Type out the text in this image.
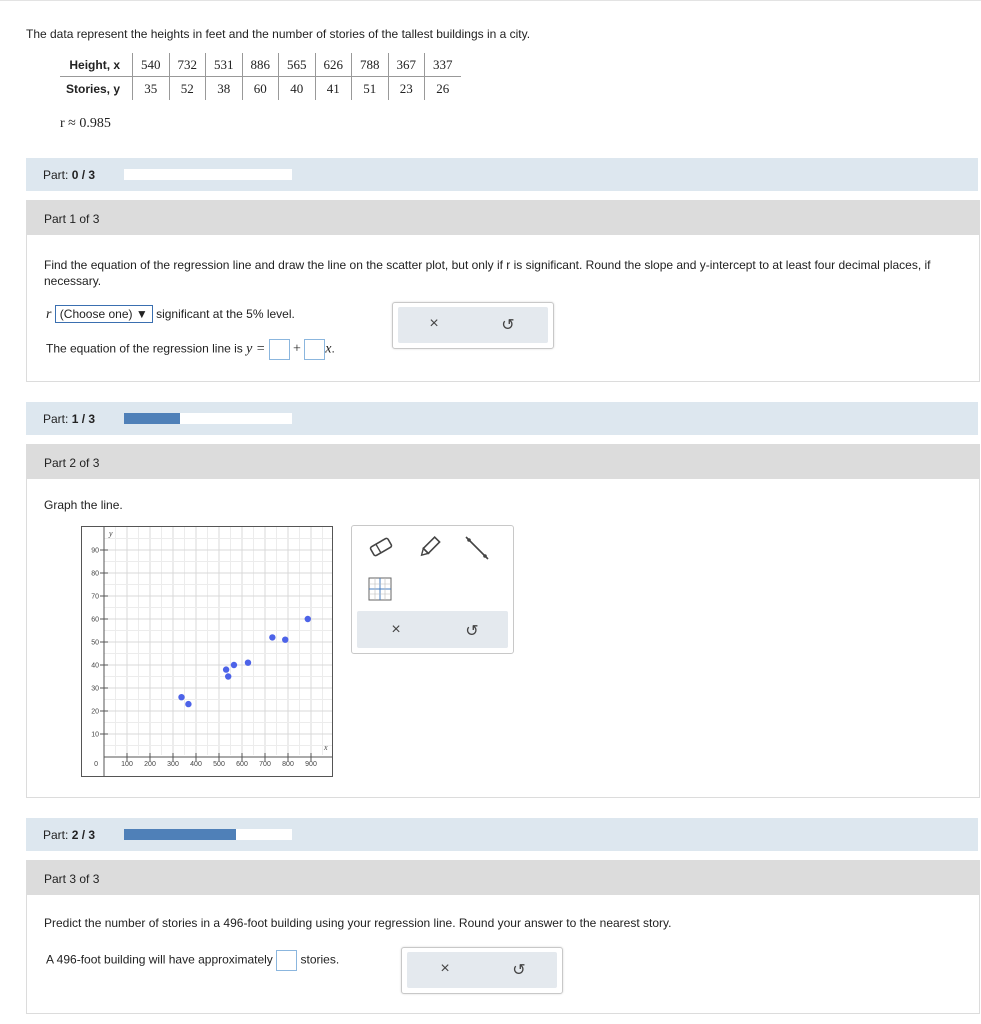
The data represent the heights in feet and the number of stories of the tallest buildings in a city.
Height, x	540	732	531	886	565	626	788	367	337
Stories, y	35	52	38	60	40	41	51	23	26
r ≈ 0.985
Part: 0 / 3
Part 1 of 3
Find the equation of the regression line and draw the line on the scatter plot, but only if r is significant. Round the slope and y-intercept to at least four decimal places, if necessary.
r (Choose one) ▼ significant at the 5% level.
The equation of the regression line is y = + x.
×	↺
Part: 1 / 3
Part 2 of 3
Graph the line.
100 200 300 400 500 600 700 800 900
10
20
30
40
50
60
70
80
90
0
x
y
×	↺
Part: 2 / 3
Part 3 of 3
Predict the number of stories in a 496-foot building using your regression line. Round your answer to the nearest story.
A 496-foot building will have approximately stories.
×	↺
